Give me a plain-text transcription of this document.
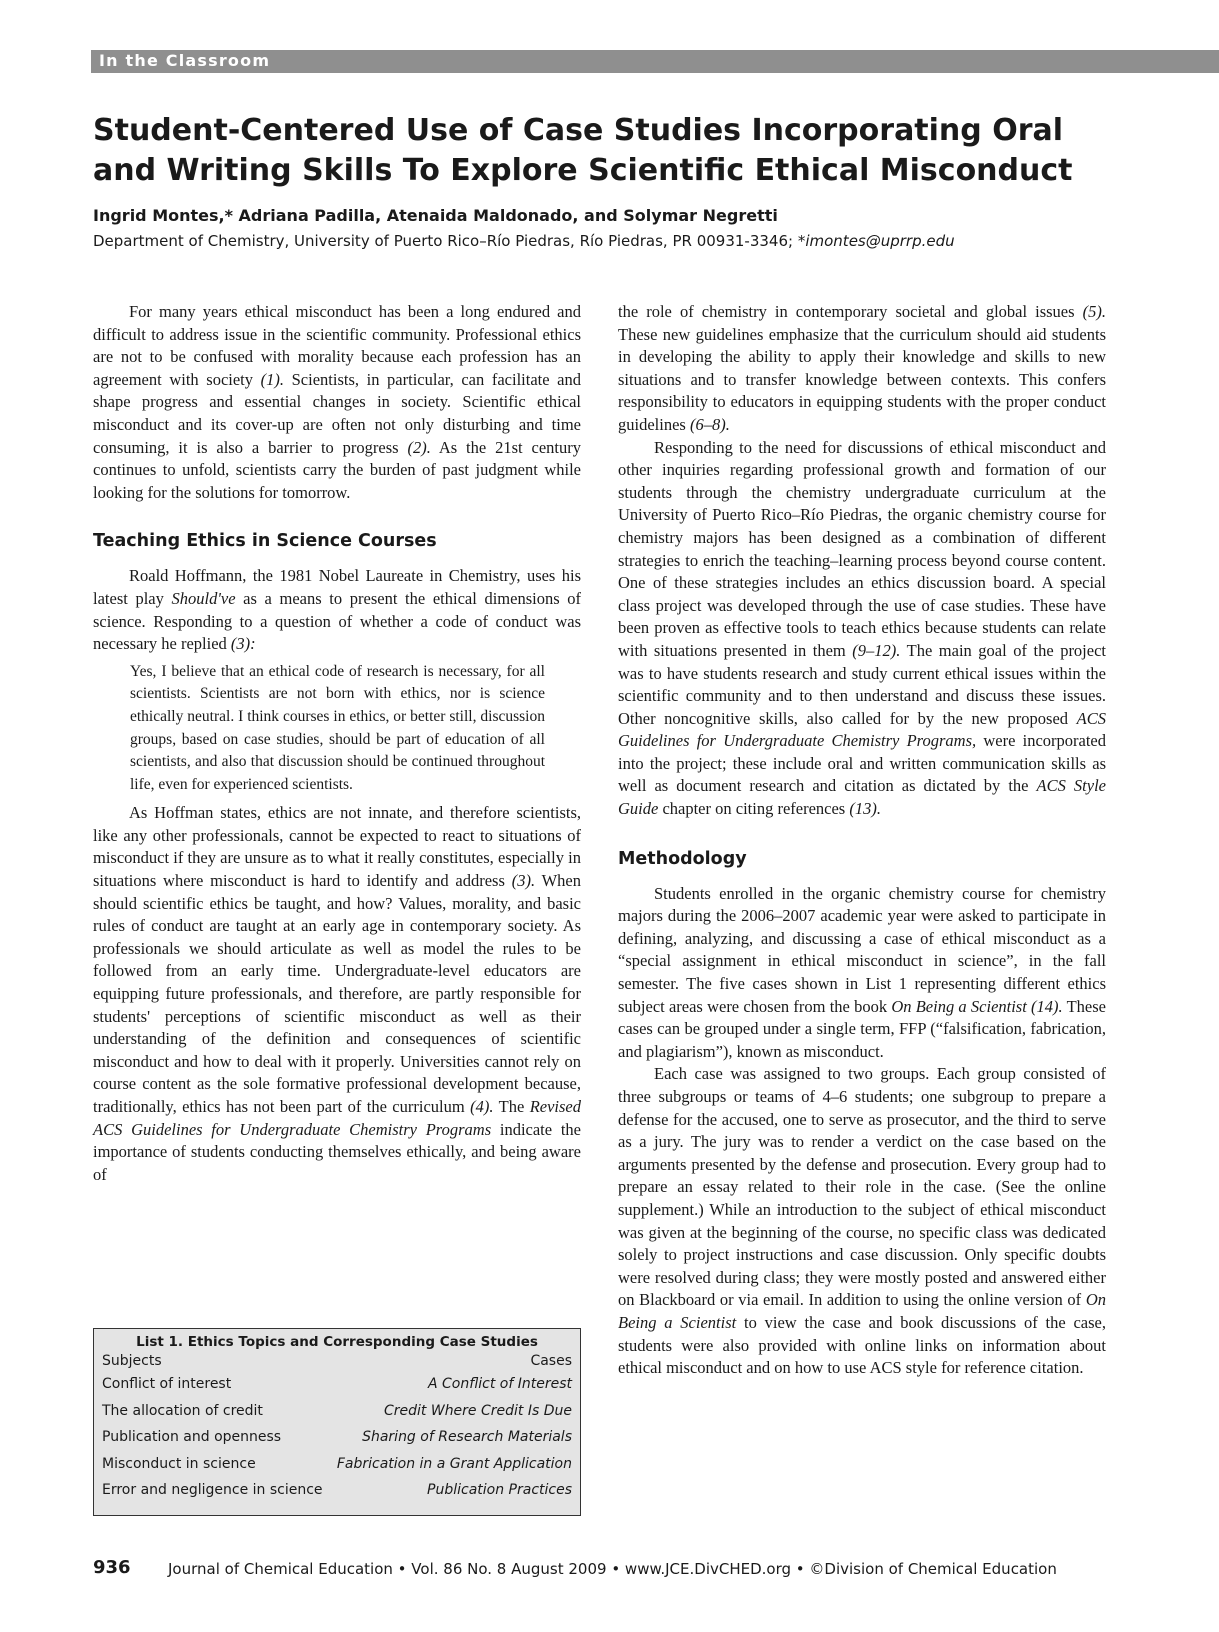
In the Classroom
Student-Centered Use of Case Studies Incorporating Oral
and Writing Skills To Explore Scientific Ethical Misconduct
Ingrid Montes,* Adriana Padilla, Atenaida Maldonado, and Solymar Negretti
Department of Chemistry, University of Puerto Rico–Río Piedras, Río Piedras, PR 00931-3346; *imontes@uprrp.edu

For many years ethical misconduct has been a long endured and difficult to address issue in the scientific community. Professional ethics are not to be confused with morality because each profession has an agreement with society (1). Scientists, in particular, can facilitate and shape progress and essential changes in society. Scientific ethical misconduct and its cover-up are often not only disturbing and time consuming, it is also a barrier to progress (2). As the 21st century continues to unfold, scientists carry the burden of past judgment while looking for the solutions for tomorrow.

Teaching Ethics in Science Courses

Roald Hoffmann, the 1981 Nobel Laureate in Chemistry, uses his latest play Should've as a means to present the ethical dimensions of science. Responding to a question of whether a code of conduct was necessary he replied (3):

Yes, I believe that an ethical code of research is necessary, for all scientists. Scientists are not born with ethics, nor is science ethically neutral. I think courses in ethics, or better still, discussion groups, based on case studies, should be part of education of all scientists, and also that discussion should be continued throughout life, even for experienced scientists.

As Hoffman states, ethics are not innate, and therefore scientists, like any other professionals, cannot be expected to react to situations of misconduct if they are unsure as to what it really constitutes, especially in situations where misconduct is hard to identify and address (3). When should scientific ethics be taught, and how? Values, morality, and basic rules of conduct are taught at an early age in contemporary society. As professionals we should articulate as well as model the rules to be followed from an early time. Undergraduate-level educators are equipping future professionals, and therefore, are partly responsible for students' perceptions of scientific misconduct as well as their understanding of the definition and consequences of scientific misconduct and how to deal with it properly. Universities cannot rely on course content as the sole formative professional development because, traditionally, ethics has not been part of the curriculum (4). The Revised ACS Guidelines for Undergraduate Chemistry Programs indicate the importance of students conducting themselves ethically, and being aware of

the role of chemistry in contemporary societal and global issues (5). These new guidelines emphasize that the curriculum should aid students in developing the ability to apply their knowledge and skills to new situations and to transfer knowledge between contexts. This confers responsibility to educators in equipping students with the proper conduct guidelines (6–8).

Responding to the need for discussions of ethical misconduct and other inquiries regarding professional growth and formation of our students through the chemistry undergraduate curriculum at the University of Puerto Rico–Río Piedras, the organic chemistry course for chemistry majors has been designed as a combination of different strategies to enrich the teaching–learning process beyond course content. One of these strategies includes an ethics discussion board. A special class project was developed through the use of case studies. These have been proven as effective tools to teach ethics because students can relate with situations presented in them (9–12). The main goal of the project was to have students research and study current ethical issues within the scientific community and to then understand and discuss these issues. Other noncognitive skills, also called for by the new proposed ACS Guidelines for Undergraduate Chemistry Programs, were incorporated into the project; these include oral and written communication skills as well as document research and citation as dictated by the ACS Style Guide chapter on citing references (13).

Methodology

Students enrolled in the organic chemistry course for chemistry majors during the 2006–2007 academic year were asked to participate in defining, analyzing, and discussing a case of ethical misconduct as a “special assignment in ethical misconduct in science”, in the fall semester. The five cases shown in List 1 representing different ethics subject areas were chosen from the book On Being a Scientist (14). These cases can be grouped under a single term, FFP (“falsification, fabrication, and plagiarism”), known as misconduct.

Each case was assigned to two groups. Each group consisted of three subgroups or teams of 4–6 students; one subgroup to prepare a defense for the accused, one to serve as prosecutor, and the third to serve as a jury. The jury was to render a verdict on the case based on the arguments presented by the defense and prosecution. Every group had to prepare an essay related to their role in the case. (See the online supplement.) While an introduction to the subject of ethical misconduct was given at the beginning of the course, no specific class was dedicated solely to project instructions and case discussion. Only specific doubts were resolved during class; they were mostly posted and answered either on Blackboard or via email. In addition to using the online version of On Being a Scientist to view the case and book discussions of the case, students were also provided with online links on information about ethical misconduct and on how to use ACS style for reference citation.

List 1. Ethics Topics and Corresponding Case Studies
Subjects	Cases
Conflict of interest	A Conflict of Interest
The allocation of credit	Credit Where Credit Is Due
Publication and openness	Sharing of Research Materials
Misconduct in science	Fabrication in a Grant Application
Error and negligence in science	Publication Practices
936 Journal of Chemical Education • Vol. 86 No. 8 August 2009 • www.JCE.DivCHED.org • ©Division of Chemical Education
